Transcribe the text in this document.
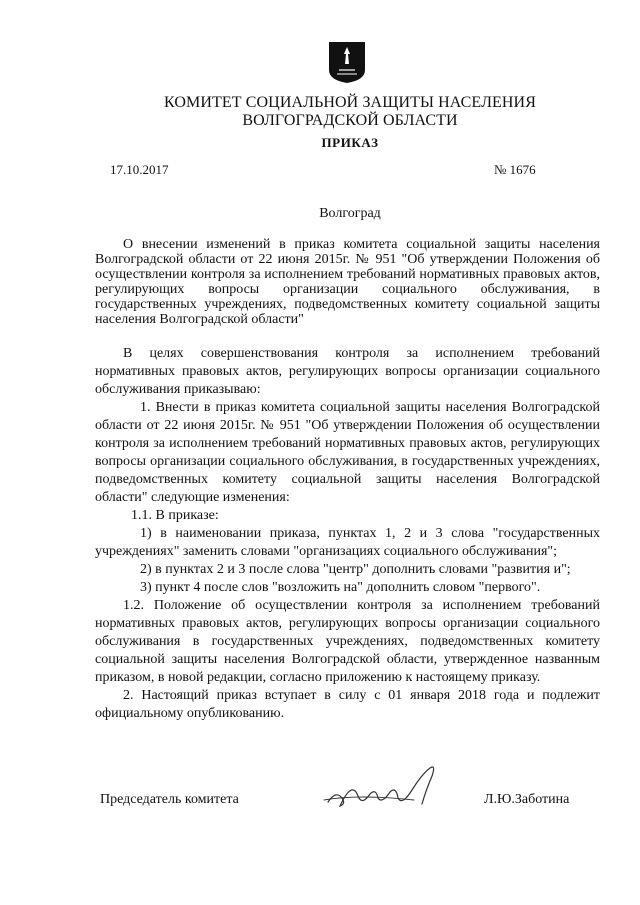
КОМИТЕТ СОЦИАЛЬНОЙ ЗАЩИТЫ НАСЕЛЕНИЯ
ВОЛГОГРАДСКОЙ ОБЛАСТИ
ПРИКАЗ
17.10.2017	№ 1676
Волгоград
О внесении изменений в приказ комитета социальной защиты населения Волгоградской области от 22 июня 2015г. № 951 "Об утверждении Положения об осуществлении контроля за исполнением требований нормативных правовых актов, регулирующих вопросы организации социального обслуживания, в государственных учреждениях, подведомственных комитету социальной защиты населения Волгоградской области"

В целях совершенствования контроля за исполнением требований нормативных правовых актов, регулирующих вопросы организации социального обслуживания приказываю:

1. Внести в приказ комитета социальной защиты населения Волгоградской области от 22 июня 2015г. № 951 "Об утверждении Положения об осуществлении контроля за исполнением требований нормативных правовых актов, регулирующих вопросы организации социального обслуживания, в государственных учреждениях, подведомственных комитету социальной защиты населения Волгоградской области" следующие изменения:

1.1. В приказе:

1) в наименовании приказа, пунктах 1, 2 и 3 слова "государственных учреждениях" заменить словами "организациях социального обслуживания";

2) в пунктах 2 и 3 после слова "центр" дополнить словами "развития и";

3) пункт 4 после слов "возложить на" дополнить словом "первого".

1.2. Положение об осуществлении контроля за исполнением требований нормативных правовых актов, регулирующих вопросы организации социального обслуживания в государственных учреждениях, подведомственных комитету социальной защиты населения Волгоградской области, утвержденное названным приказом, в новой редакции, согласно приложению к настоящему приказу.

2. Настоящий приказ вступает в силу с 01 января 2018 года и подлежит официальному опубликованию.

Председатель комитета	Л.Ю.Заботина
